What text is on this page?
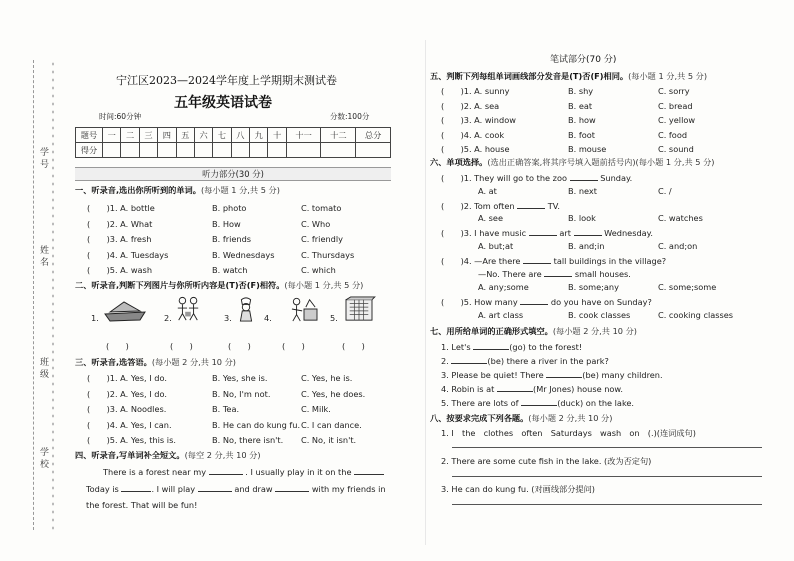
学
号
姓
名
班
级
学
校
宁江区2023—2024学年度上学期期末测试卷
五年级英语试卷
时间:60分钟	分数:100分
题号	一	二	三	四	五	六	七	八	九	十	十一	十二	总分
得分													
听力部分(30 分)
一、听录音,选出你所听到的单词。(每小题 1 分,共 5 分)
(　　)1. A. bottle	B. photo	C. tomato
(　　)2. A. What	B. How	C. Who
(　　)3. A. fresh	B. friends	C. friendly
(　　)4. A. Tuesdays	B. Wednesdays	C. Thursdays
(　　)5. A. wash	B. watch	C. which
二、听录音,判断下列图片与你所听内容是(T)否(F)相符。(每小题 1 分,共 5 分)
1.	2.	3.	4.	5.
(　　)	(　　)	(　　)	(　　)	(　　)
三、听录音,选答语。(每小题 2 分,共 10 分)
(　　)1. A. Yes, I do.	B. Yes, she is.	C. Yes, he is.
(　　)2. A. Yes, I do.	B. No, I'm not.	C. Yes, he does.
(　　)3. A. Noodles.	B. Tea.	C. Milk.
(　　)4. A. Yes, I can.	B. He can do kung fu. C. I can dance.
(　　)5. A. Yes, this is.	B. No, there isn't. C. No, it isn't.
四、听录音,写单词补全短文。(每空 2 分,共 10 分)
There is a forest near my	. I usually play in it on the
Today is	. I will play	and draw	with my friends in
the forest. That will be fun!
笔试部分(70 分)
五、判断下列每组单词画线部分发音是(T)否(F)相同。(每小题 1 分,共 5 分)
(　　)1. A. sunny	B. shy	C. sorry
(　　)2. A. sea	B. eat	C. bread
(　　)3. A. window	B. how	C. yellow
(　　)4. A. cook	B. foot	C. food
(　　)5. A. house	B. mouse	C. sound
六、单项选择。(选出正确答案,将其序号填入题前括号内)(每小题 1 分,共 5 分)
(　　)1. They will go to the zoo	Sunday.
A. at	B. next	C. /
(　　)2. Tom often	TV.
A. see	B. look	C. watches
(　　)3. I have music	art	Wednesday.
A. but;at	B. and;in	C. and;on
(　　)4. —Are there	tall buildings in the village?
—No. There are	small houses.
A. any;some	B. some;any	C. some;some
(　　)5. How many	do you have on Sunday?
A. art class	B. cook classes	C. cooking classes
七、用所给单词的正确形式填空。(每小题 2 分,共 10 分)
1. Let's	(go) to the forest!
2.	(be) there a river in the park?
3. Please be quiet! There	(be) many children.
4. Robin is at	(Mr Jones) house now.
5. There are lots of	(duck) on the lake.
八、按要求完成下列各题。(每小题 2 分,共 10 分)
1. I　the　clothes　often　Saturdays　wash　on　(.)(连词成句)
2. There are some cute fish in the lake. (改为否定句)
3. He can do kung fu. (对画线部分提问)
